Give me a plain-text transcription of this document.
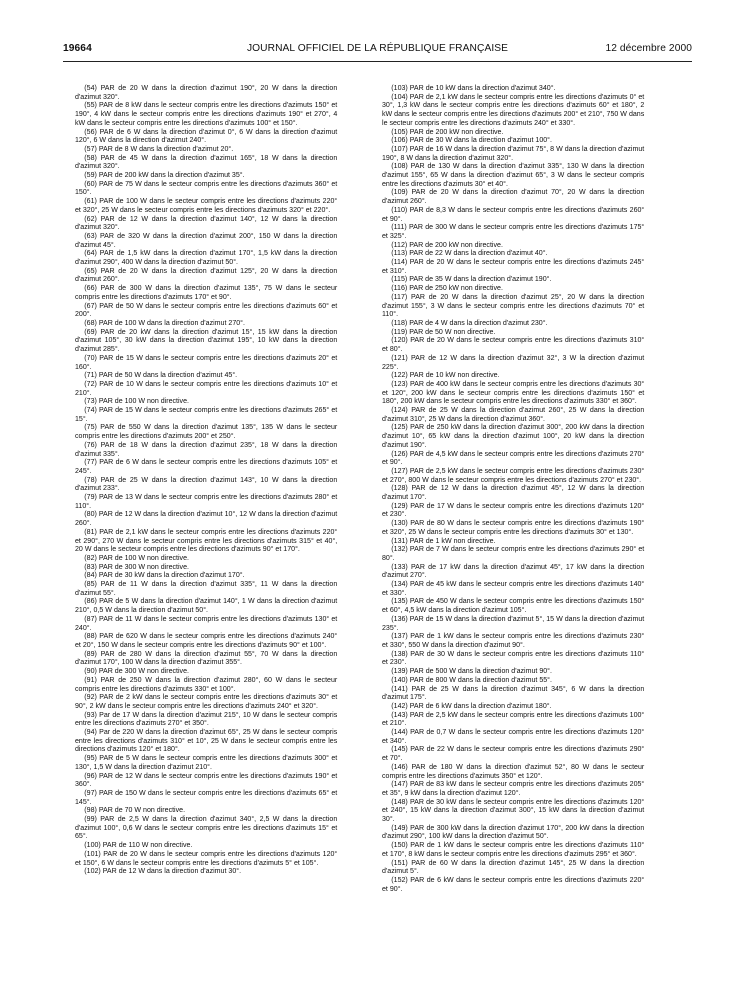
19664	JOURNAL OFFICIEL DE LA RÉPUBLIQUE FRANÇAISE	12 décembre 2000

(54) PAR de 20 W dans la direction d'azimut 190°, 20 W dans la direction d'azimut 320°.

(55) PAR de 8 kW dans le secteur compris entre les directions d'azimuts 150° et 190°, 4 kW dans le secteur compris entre les directions d'azimuts 190° et 270°, 4 kW dans le secteur compris entre les directions d'azimuts 100° et 150°.

(56) PAR de 6 W dans la direction d'azimut 0°, 6 W dans la direction d'azimut 120°, 6 W dans la direction d'azimut 240°.

(57) PAR de 8 W dans la direction d'azimut 20°.

(58) PAR de 45 W dans la direction d'azimut 165°, 18 W dans la direction d'azimut 320°.

(59) PAR de 200 kW dans la direction d'azimut 35°.

(60) PAR de 75 W dans le secteur compris entre les directions d'azimuts 360° et 150°.

(61) PAR de 100 W dans le secteur compris entre les directions d'azimuts 220° et 320°, 25 W dans le secteur compris entre les directions d'azimuts 320° et 220°.

(62) PAR de 12 W dans la direction d'azimut 140°, 12 W dans la direction d'azimut 320°.

(63) PAR de 320 W dans la direction d'azimut 200°, 150 W dans la direction d'azimut 45°.

(64) PAR de 1,5 kW dans la direction d'azimut 170°, 1,5 kW dans la direction d'azimut 290°, 400 W dans la direction d'azimut 50°.

(65) PAR de 20 W dans la direction d'azimut 125°, 20 W dans la direction d'azimut 260°.

(66) PAR de 300 W dans la direction d'azimut 135°, 75 W dans le secteur compris entre les directions d'azimuts 170° et 90°.

(67) PAR de 50 W dans le secteur compris entre les directions d'azimuts 60° et 200°.

(68) PAR de 100 W dans la direction d'azimut 270°.

(69) PAR de 20 kW dans la direction d'azimut 15°, 15 kW dans la direction d'azimut 105°, 30 kW dans la direction d'azimut 195°, 10 kW dans la direction d'azimut 285°.

(70) PAR de 15 W dans le secteur compris entre les directions d'azimuts 20° et 160°.

(71) PAR de 50 W dans la direction d'azimut 45°.

(72) PAR de 10 W dans le secteur compris entre les directions d'azimuts 10° et 210°.

(73) PAR de 100 W non directive.

(74) PAR de 15 W dans le secteur compris entre les directions d'azimuts 265° et 15°.

(75) PAR de 550 W dans la direction d'azimut 135°, 135 W dans le secteur compris entre les directions d'azimuts 200° et 250°.

(76) PAR de 18 W dans la direction d'azimut 235°, 18 W dans la direction d'azimut 335°.

(77) PAR de 6 W dans le secteur compris entre les directions d'azimuts 105° et 245°.

(78) PAR de 25 W dans la direction d'azimut 143°, 10 W dans la direction d'azimut 233°.

(79) PAR de 13 W dans le secteur compris entre les directions d'azimuts 280° et 110°.

(80) PAR de 12 W dans la direction d'azimut 10°, 12 W dans la direction d'azimut 260°.

(81) PAR de 2,1 kW dans le secteur compris entre les directions d'azimuts 220° et 290°, 270 W dans le secteur compris entre les directions d'azimuts 315° et 40°, 20 W dans le secteur compris entre les directions d'azimuts 90° et 170°.

(82) PAR de 100 W non directive.

(83) PAR de 300 W non directive.

(84) PAR de 30 kW dans la direction d'azimut 170°.

(85) PAR de 11 W dans la direction d'azimut 335°, 11 W dans la direction d'azimut 55°.

(86) PAR de 5 W dans la direction d'azimut 140°, 1 W dans la direction d'azimut 210°, 0,5 W dans la direction d'azimut 50°.

(87) PAR de 11 W dans le secteur compris entre les directions d'azimuts 130° et 240°.

(88) PAR de 620 W dans le secteur compris entre les directions d'azimuts 240° et 20°, 150 W dans le secteur compris entre les directions d'azimuts 90° et 100°.

(89) PAR de 280 W dans la direction d'azimut 55°, 70 W dans la direction d'azimut 170°, 100 W dans la direction d'azimut 355°.

(90) PAR de 300 W non directive.

(91) PAR de 250 W dans la direction d'azimut 280°, 60 W dans le secteur compris entre les directions d'azimuts 330° et 100°.

(92) PAR de 2 kW dans le secteur compris entre les directions d'azimuts 30° et 90°, 2 kW dans le secteur compris entre les directions d'azimuts 240° et 320°.

(93) Par de 17 W dans la direction d'azimut 215°, 10 W dans le secteur compris entre les directions d'azimuts 270° et 350°.

(94) Par de 220 W dans la direction d'azimut 65°, 25 W dans le secteur compris entre les directions d'azimuts 310° et 10°, 25 W dans le secteur compris entre les directions d'azimuts 120° et 180°.

(95) PAR de 5 W dans le secteur compris entre les directions d'azimuts 300° et 130°, 1,5 W dans la direction d'azimut 210°.

(96) PAR de 12 W dans le secteur compris entre les directions d'azimuts 190° et 360°.

(97) PAR de 150 W dans le secteur compris entre les directions d'azimuts 65° et 145°.

(98) PAR de 70 W non directive.

(99) PAR de 2,5 W dans la direction d'azimut 340°, 2,5 W dans la direction d'azimut 100°, 0,6 W dans le secteur compris entre les directions d'azimuts 15° et 65°.

(100) PAR de 110 W non directive.

(101) PAR de 20 W dans le secteur compris entre les directions d'azimuts 120° et 150°, 6 W dans le secteur compris entre les directions d'azimuts 5° et 105°.

(102) PAR de 12 W dans la direction d'azimut 30°.

(103) PAR de 10 kW dans la direction d'azimut 340°.

(104) PAR de 2,1 kW dans le secteur compris entre les directions d'azimuts 0° et 30°, 1,3 kW dans le secteur compris entre les directions d'azimuts 60° et 180°, 2 kW dans le secteur compris entre les directions d'azimuts 200° et 210°, 750 W dans le secteur compris entre les directions d'azimuts 240° et 330°.

(105) PAR de 200 kW non directive.

(106) PAR de 30 W dans la direction d'azimut 100°.

(107) PAR de 16 W dans la direction d'azimut 75°, 8 W dans la direction d'azimut 190°, 8 W dans la direction d'azimut 320°.

(108) PAR de 130 W dans la direction d'azimut 335°, 130 W dans la direction d'azimut 155°, 65 W dans la direction d'azimut 65°, 3 W dans le secteur compris entre les directions d'azimuts 30° et 40°.

(109) PAR de 20 W dans la direction d'azimut 70°, 20 W dans la direction d'azimut 260°.

(110) PAR de 8,3 W dans le secteur compris entre les directions d'azimuts 260° et 90°.

(111) PAR de 300 W dans le secteur compris entre les directions d'azimuts 175° et 325°.

(112) PAR de 200 kW non directive.

(113) PAR de 22 W dans la direction d'azimut 40°.

(114) PAR de 20 W dans le secteur compris entre les directions d'azimuts 245° et 310°.

(115) PAR de 35 W dans la direction d'azimut 190°.

(116) PAR de 250 kW non directive.

(117) PAR de 20 W dans la direction d'azimut 25°, 20 W dans la direction d'azimut 155°, 3 W dans le secteur compris entre les directions d'azimuts 70° et 110°.

(118) PAR de 4 W dans la direction d'azimut 230°.

(119) PAR de 50 W non directive.

(120) PAR de 20 W dans le secteur compris entre les directions d'azimuts 310° et 80°.

(121) PAR de 12 W dans la direction d'azimut 32°, 3 W la direction d'azimut 225°.

(122) PAR de 10 kW non directive.

(123) PAR de 400 kW dans le secteur compris entre les directions d'azimuts 30° et 120°, 200 kW dans le secteur compris entre les directions d'azimuts 150° et 180°, 200 kW dans le secteur compris entre les directions d'azimuts 330° et 360°.

(124) PAR de 25 W dans la direction d'azimut 260°, 25 W dans la direction d'azimut 310°, 25 W dans la direction d'azimut 360°.

(125) PAR de 250 kW dans la direction d'azimut 300°, 200 kW dans la direction d'azimut 10°, 65 kW dans la direction d'azimut 100°, 20 kW dans la direction d'azimut 190°.

(126) PAR de 4,5 kW dans le secteur compris entre les directions d'azimuts 270° et 90°.

(127) PAR de 2,5 kW dans le secteur compris entre les directions d'azimuts 230° et 270°, 800 W dans le secteur compris entre les directions d'azimuts 270° et 230°.

(128) PAR de 12 W dans la direction d'azimut 45°, 12 W dans la direction d'azimut 170°.

(129) PAR de 17 W dans le secteur compris entre les directions d'azimuts 120° et 230°.

(130) PAR de 80 W dans le secteur compris entre les directions d'azimuts 190° et 320°, 25 W dans le secteur compris entre les directions d'azimuts 30° et 130°.

(131) PAR de 1 kW non directive.

(132) PAR de 7 W dans le secteur compris entre les directions d'azimuts 290° et 80°.

(133) PAR de 17 kW dans la direction d'azimut 45°, 17 kW dans la direction d'azimut 270°.

(134) PAR de 45 kW dans le secteur compris entre les directions d'azimuts 140° et 330°.

(135) PAR de 450 W dans le secteur compris entre les directions d'azimuts 150° et 60°, 4,5 kW dans la direction d'azimut 105°.

(136) PAR de 15 W dans la direction d'azimut 5°, 15 W dans la direction d'azimut 235°.

(137) PAR de 1 kW dans le secteur compris entre les directions d'azimuts 230° et 330°, 550 W dans la direction d'azimut 90°.

(138) PAR de 30 W dans le secteur compris entre les directions d'azimuts 110° et 230°.

(139) PAR de 500 W dans la direction d'azimut 90°.

(140) PAR de 800 W dans la direction d'azimut 55°.

(141) PAR de 25 W dans la direction d'azimut 345°, 6 W dans la direction d'azimut 175°.

(142) PAR de 6 kW dans la direction d'azimut 180°.

(143) PAR de 2,5 kW dans le secteur compris entre les directions d'azimuts 100° et 210°.

(144) PAR de 0,7 W dans le secteur compris entre les directions d'azimuts 120° et 340°.

(145) PAR de 22 W dans le secteur compris entre les directions d'azimuts 290° et 70°.

(146) PAR de 180 W dans la direction d'azimut 52°, 80 W dans le secteur compris entre les directions d'azimuts 350° et 120°.

(147) PAR de 83 kW dans le secteur compris entre les directions d'azimuts 205° et 35°, 9 kW dans la direction d'azimut 120°.

(148) PAR de 30 kW dans le secteur compris entre les directions d'azimuts 120° et 240°, 15 kW dans la direction d'azimut 300°, 15 kW dans la direction d'azimut 30°.

(149) PAR de 300 kW dans la direction d'azimut 170°, 200 kW dans la direction d'azimut 290°, 100 kW dans la direction d'azimut 50°.

(150) PAR de 1 kW dans le secteur compris entre les directions d'azimuts 110° et 170°, 8 kW dans le secteur compris entre les directions d'azimuts 295° et 360°.

(151) PAR de 60 W dans la direction d'azimut 145°, 25 W dans la direction d'azimut 5°.

(152) PAR de 6 kW dans le secteur compris entre les directions d'azimuts 220° et 90°.
